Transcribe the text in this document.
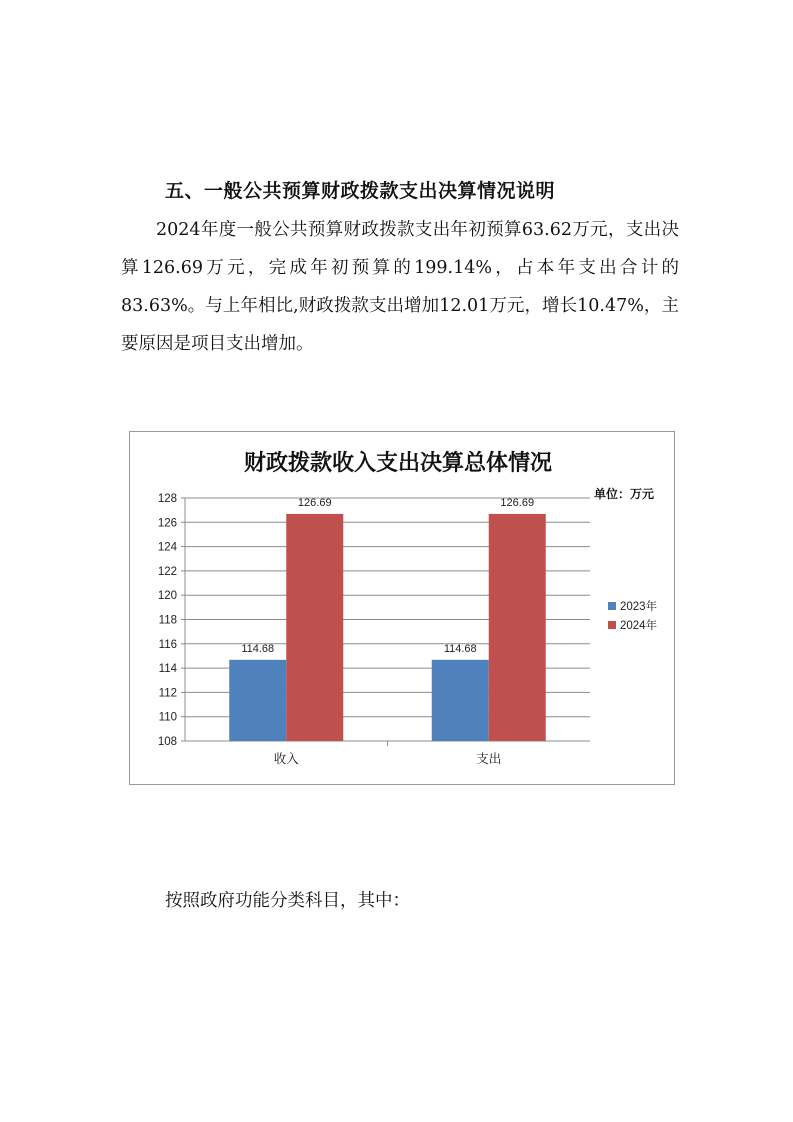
五、一般公共预算财政拨款支出决算情况说明

2024年度一般公共预算财政拨款支出年初预算63.62万元，支出决算126.69万元，完成年初预算的199.14%，占本年支出合计的83.63%。与上年相比,财政拨款支出增加12.01万元，增长10.47%，主要原因是项目支出增加。

财政拨款收入支出决算总体情况
单位：万元
108
110
112
114
116
118
120
122
124
126
128
收入
114.68
126.69
支出
114.68
126.69
2023年
2024年

按照政府功能分类科目，其中：
